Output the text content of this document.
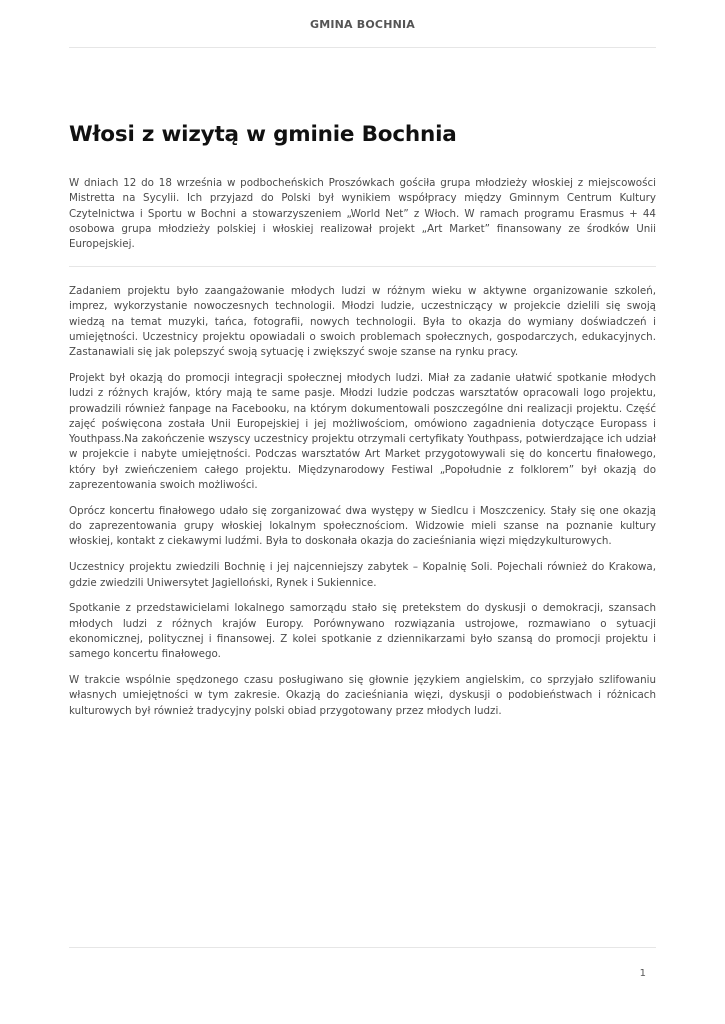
GMINA BOCHNIA
Włosi z wizytą w gminie Bochnia

W dniach 12 do 18 września w podbocheńskich Proszówkach gościła grupa młodzieży włoskiej z miejscowości Mistretta na Sycylii. Ich przyjazd do Polski był wynikiem współpracy między Gminnym Centrum Kultury Czytelnictwa i Sportu w Bochni a stowarzyszeniem „World Net” z Włoch. W ramach programu Erasmus + 44 osobowa grupa młodzieży polskiej i włoskiej realizował projekt „Art Market” finansowany ze środków Unii Europejskiej.

Zadaniem projektu było zaangażowanie młodych ludzi w różnym wieku w aktywne organizowanie szkoleń, imprez, wykorzystanie nowoczesnych technologii. Młodzi ludzie, uczestniczący w projekcie dzielili się swoją wiedzą na temat muzyki, tańca, fotografii, nowych technologii. Była to okazja do wymiany doświadczeń i umiejętności. Uczestnicy projektu opowiadali o swoich problemach społecznych, gospodarczych, edukacyjnych. Zastanawiali się jak polepszyć swoją sytuację i zwiększyć swoje szanse na rynku pracy.

Projekt był okazją do promocji integracji społecznej młodych ludzi. Miał za zadanie ułatwić spotkanie młodych ludzi z różnych krajów, który mają te same pasje. Młodzi ludzie podczas warsztatów opracowali logo projektu, prowadzili również fanpage na Facebooku, na którym dokumentowali poszczególne dni realizacji projektu. Część zajęć poświęcona została Unii Europejskiej i jej możliwościom, omówiono zagadnienia dotyczące Europass i Youthpass.Na zakończenie wszyscy uczestnicy projektu otrzymali certyfikaty Youthpass, potwierdzające ich udział w projekcie i nabyte umiejętności. Podczas warsztatów Art Market przygotowywali się do koncertu finałowego, który był zwieńczeniem całego projektu. Międzynarodowy Festiwal „Popołudnie z folklorem” był okazją do zaprezentowania swoich możliwości.

Oprócz koncertu finałowego udało się zorganizować dwa występy w Siedlcu i Moszczenicy. Stały się one okazją do zaprezentowania grupy włoskiej lokalnym społecznościom. Widzowie mieli szanse na poznanie kultury włoskiej, kontakt z ciekawymi ludźmi. Była to doskonała okazja do zacieśniania więzi międzykulturowych.

Uczestnicy projektu zwiedzili Bochnię i jej najcenniejszy zabytek – Kopalnię Soli. Pojechali również do Krakowa, gdzie zwiedzili Uniwersytet Jagielloński, Rynek i Sukiennice.

Spotkanie z przedstawicielami lokalnego samorządu stało się pretekstem do dyskusji o demokracji, szansach młodych ludzi z różnych krajów Europy. Porównywano rozwiązania ustrojowe, rozmawiano o sytuacji ekonomicznej, politycznej i finansowej. Z kolei spotkanie z dziennikarzami było szansą do promocji projektu i samego koncertu finałowego.

W trakcie wspólnie spędzonego czasu posługiwano się głownie językiem angielskim, co sprzyjało szlifowaniu własnych umiejętności w tym zakresie. Okazją do zacieśniania więzi, dyskusji o podobieństwach i różnicach kulturowych był również tradycyjny polski obiad przygotowany przez młodych ludzi.

1
